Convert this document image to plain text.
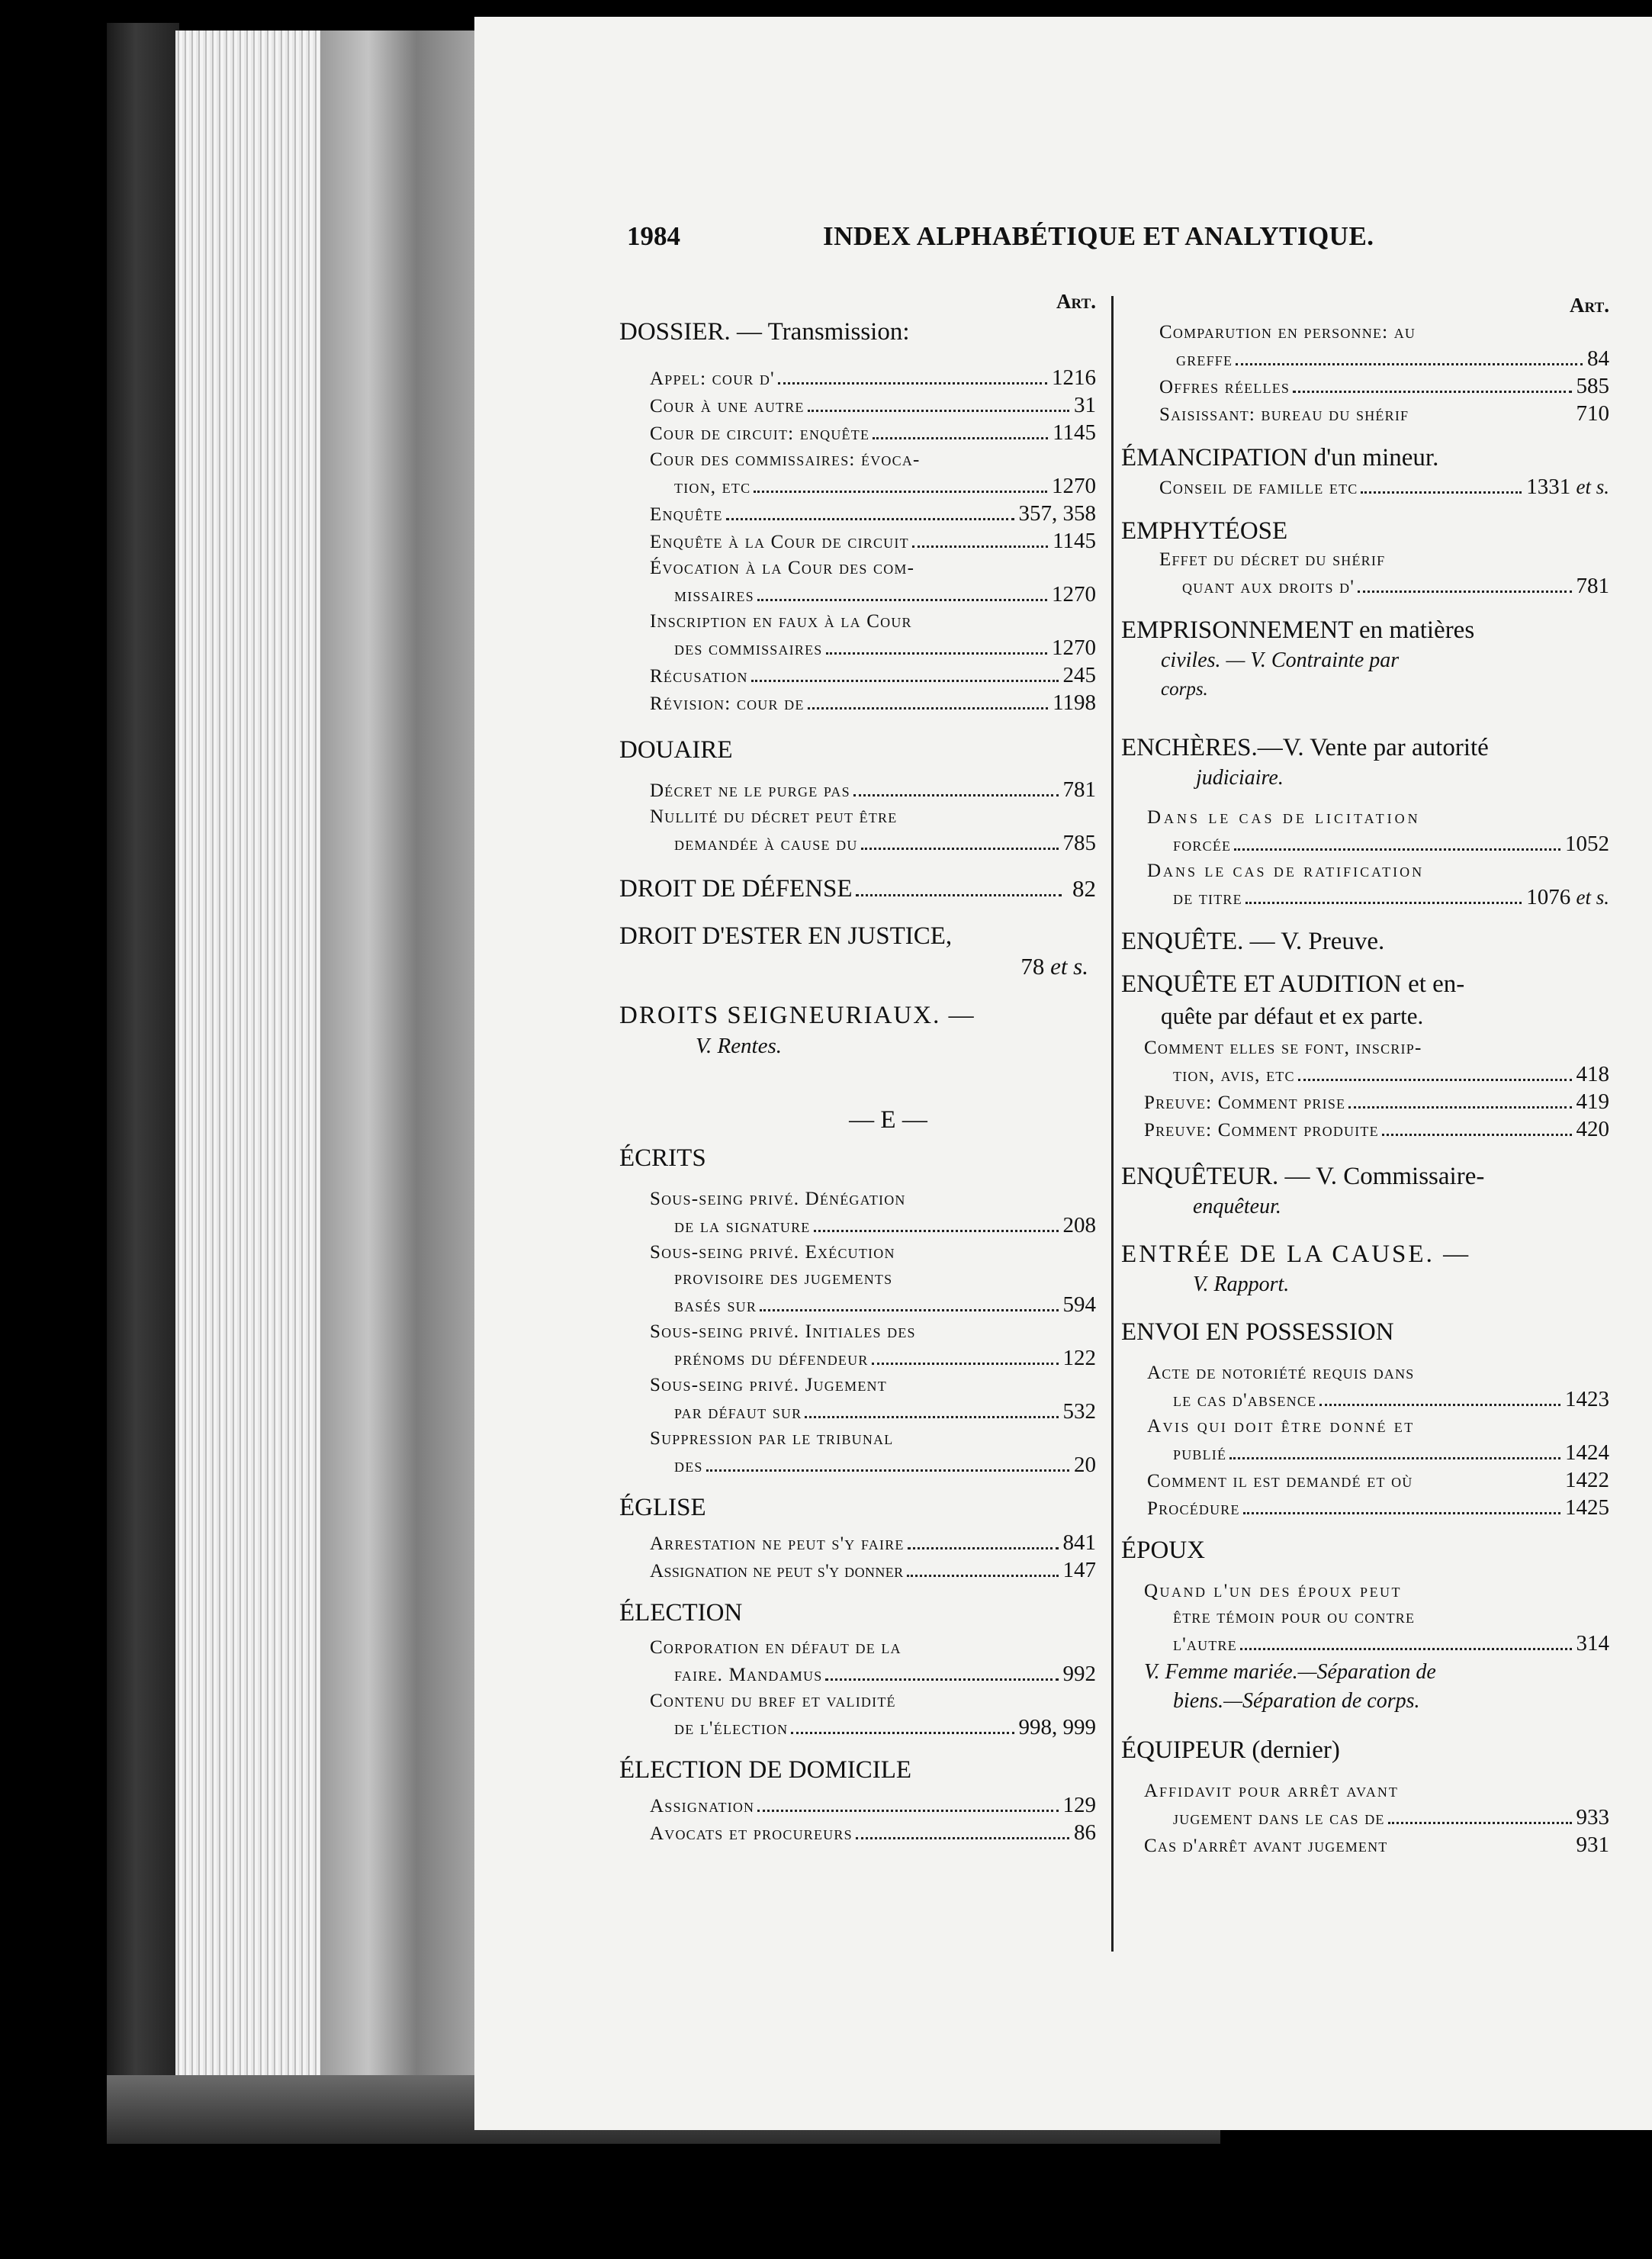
1984	INDEX ALPHABÉTIQUE ET ANALYTIQUE.
Art.
DOSSIER. — Transmission:
Appel: cour d'	1216
Cour à une autre	31
Cour de circuit: enquête	1145
Cour des commissaires: évoca-
tion, etc	1270
Enquête	357, 358
Enquête à la Cour de circuit	1145
Évocation à la Cour des com-
missaires	1270
Inscription en faux à la Cour
des commissaires	1270
Récusation	245
Révision: cour de	1198
DOUAIRE
Décret ne le purge pas	781
Nullité du décret peut être
demandée à cause du	785
DROIT DE DÉFENSE	82
DROIT D'ESTER EN JUSTICE,
78 et s.
DROITS SEIGNEURIAUX. —
V. Rentes.
— E —
ÉCRITS
Sous-seing privé. Dénégation
de la signature	208
Sous-seing privé. Exécution
provisoire des jugements
basés sur	594
Sous-seing privé. Initiales des
prénoms du défendeur	122
Sous-seing privé. Jugement
par défaut sur	532
Suppression par le tribunal
des	20
ÉGLISE
Arrestation ne peut s'y faire	841
Assignation ne peut s'y donner	147
ÉLECTION
Corporation en défaut de la
faire. Mandamus	992
Contenu du bref et validité
de l'élection	998, 999
ÉLECTION DE DOMICILE
Assignation	129
Avocats et procureurs	86
Art.
Comparution en personne: au
greffe	84
Offres réelles	585
Saisissant: bureau du shérif	710
ÉMANCIPATION d'un mineur.
Conseil de famille etc	1331 et s.
EMPHYTÉOSE
Effet du décret du shérif
quant aux droits d'	781
EMPRISONNEMENT en matières
civiles. — V. Contrainte par
corps.
ENCHÈRES.—V. Vente par autorité
judiciaire.
Dans le cas de licitation
forcée	1052
Dans le cas de ratification
de titre	1076 et s.
ENQUÊTE. — V. Preuve.
ENQUÊTE ET AUDITION et en-
quête par défaut et ex parte.
Comment elles se font, inscrip-
tion, avis, etc	418
Preuve: Comment prise	419
Preuve: Comment produite	420
ENQUÊTEUR. — V. Commissaire-
enquêteur.
ENTRÉE DE LA CAUSE. —
V. Rapport.
ENVOI EN POSSESSION
Acte de notoriété requis dans
le cas d'absence	1423
Avis qui doit être donné et
publié	1424
Comment il est demandé et où	1422
Procédure	1425
ÉPOUX
Quand l'un des époux peut
être témoin pour ou contre
l'autre	314
V. Femme mariée.—Séparation de
biens.—Séparation de corps.
ÉQUIPEUR (dernier)
Affidavit pour arrêt avant
jugement dans le cas de	933
Cas d'arrêt avant jugement	931
